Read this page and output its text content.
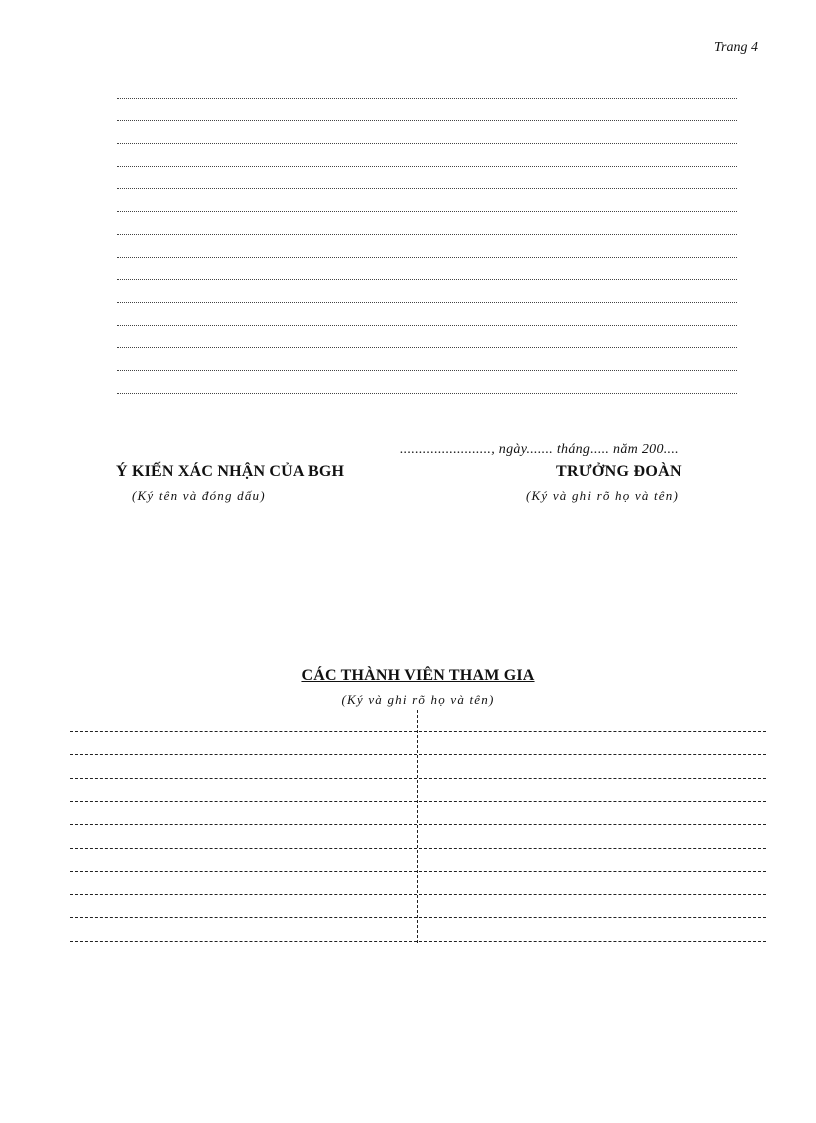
Trang 4
........................, ngày....... tháng..... năm 200....
Ý KIẾN XÁC NHẬN CỦA BGH
(Ký tên và đóng dấu)
TRƯỞNG ĐOÀN
(Ký và ghi rõ họ và tên)
CÁC THÀNH VIÊN THAM GIA
(Ký và ghi rõ họ và tên)
